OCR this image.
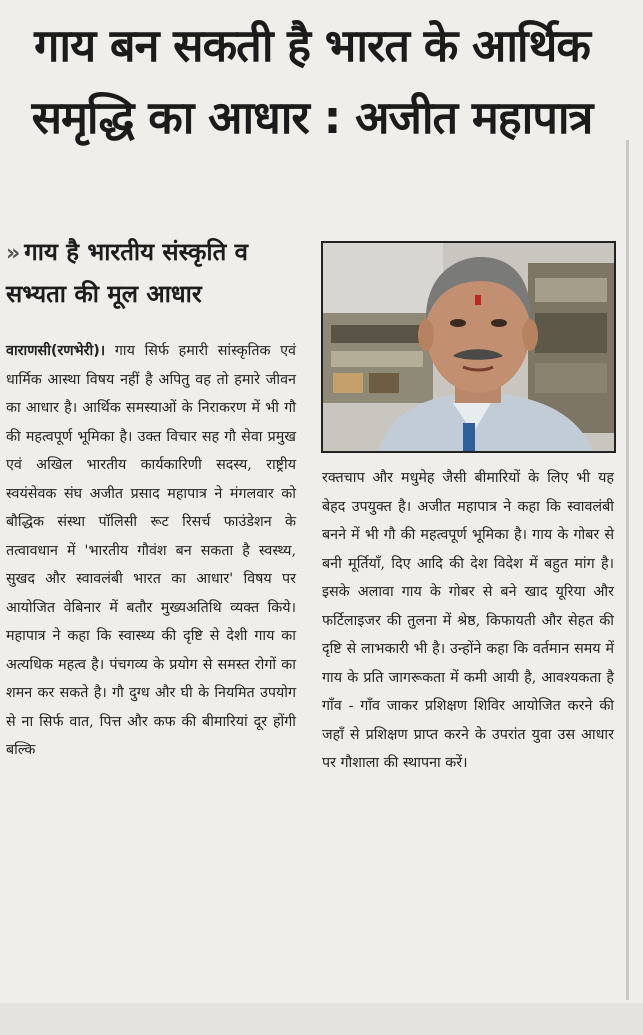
गाय बन सकती है भारत के आर्थिक समृद्धि का आधार : अजीत महापात्र
» गाय है भारतीय संस्कृति व सभ्यता की मूल आधार
वाराणसी(रणभेरी)। गाय सिर्फ हमारी सांस्कृतिक एवं धार्मिक आस्था विषय नहीं है अपितु वह तो हमारे जीवन का आधार है। आर्थिक समस्याओं के निराकरण में भी गौ की महत्वपूर्ण भूमिका है। उक्त विचार सह गौ सेवा प्रमुख एवं अखिल भारतीय कार्यकारिणी सदस्य, राष्ट्रीय स्वयंसेवक संघ अजीत प्रसाद महापात्र ने मंगलवार को बौद्धिक संस्था पॉलिसी रूट रिसर्च फाउंडेशन के तत्वावधान में 'भारतीय गौवंश बन सकता है स्वस्थ्य, सुखद और स्वावलंबी भारत का आधार' विषय पर आयोजित वेबिनार में बतौर मुख्यअतिथि व्यक्त किये। महापात्र ने कहा कि स्वास्थ्य की दृष्टि से देशी गाय का अत्यधिक महत्व है। पंचगव्य के प्रयोग से समस्त रोगों का शमन कर सकते है। गौ दुग्ध और घी के नियमित उपयोग से ना सिर्फ वात, पित्त और कफ की बीमारियां दूर होंगी बल्कि
रक्तचाप और मधुमेह जैसी बीमारियों के लिए भी यह बेहद उपयुक्त है। अजीत महापात्र ने कहा कि स्वावलंबी बनने में भी गौ की महत्वपूर्ण भूमिका है। गाय के गोबर से बनी मूर्तियाँ, दिए आदि की देश विदेश में बहुत मांग है। इसके अलावा गाय के गोबर से बने खाद यूरिया और फर्टिलाइजर की तुलना में श्रेष्ठ, किफायती और सेहत की दृष्टि से लाभकारी भी है। उन्होंने कहा कि वर्तमान समय में गाय के प्रति जागरूकता में कमी आयी है, आवश्यकता है गाँव - गाँव जाकर प्रशिक्षण शिविर आयोजित करने की जहाँ से प्रशिक्षण प्राप्त करने के उपरांत युवा उस आधार पर गौशाला की स्थापना करें।
